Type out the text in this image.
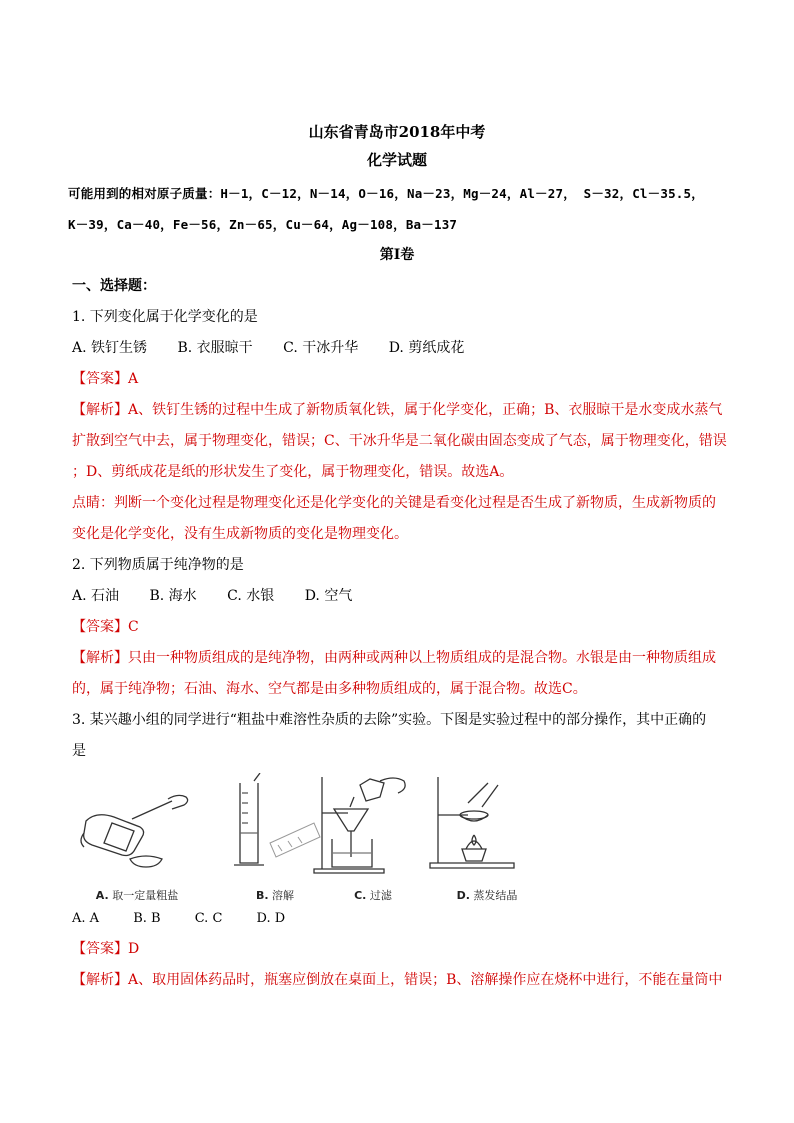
山东省青岛市2018年中考
化学试题

可能用到的相对原子质量：H－1，C－12，N－14，O－16，Na－23，Mg－24，Al－27， S－32，Cl－35.5，

K－39，Ca－40，Fe－56，Zn－65，Cu－64，Ag－108，Ba－137

第I卷

一、选择题：

1. 下列变化属于化学变化的是

A. 铁钉生锈 B. 衣服晾干 C. 干冰升华 D. 剪纸成花

【答案】A

【解析】A、铁钉生锈的过程中生成了新物质氧化铁，属于化学变化，正确；B、衣服晾干是水变成水蒸气

扩散到空气中去，属于物理变化，错误；C、干冰升华是二氧化碳由固态变成了气态，属于物理变化，错误

；D、剪纸成花是纸的形状发生了变化，属于物理变化，错误。故选A。

点睛：判断一个变化过程是物理变化还是化学变化的关键是看变化过程是否生成了新物质，生成新物质的

变化是化学变化，没有生成新物质的变化是物理变化。

2. 下列物质属于纯净物的是

A. 石油 B. 海水 C. 水银 D. 空气

【答案】C

【解析】只由一种物质组成的是纯净物，由两种或两种以上物质组成的是混合物。水银是由一种物质组成

的，属于纯净物；石油、海水、空气都是由多种物质组成的，属于混合物。故选C。

3. 某兴趣小组的同学进行“粗盐中难溶性杂质的去除”实验。下图是实验过程中的部分操作，其中正确的

是

A. 取一定量粗盐	B. 溶解	C. 过滤	D. 蒸发结晶

A. A	B. B	C. C	D. D

【答案】D

【解析】A、取用固体药品时，瓶塞应倒放在桌面上，错误；B、溶解操作应在烧杯中进行，不能在量筒中
